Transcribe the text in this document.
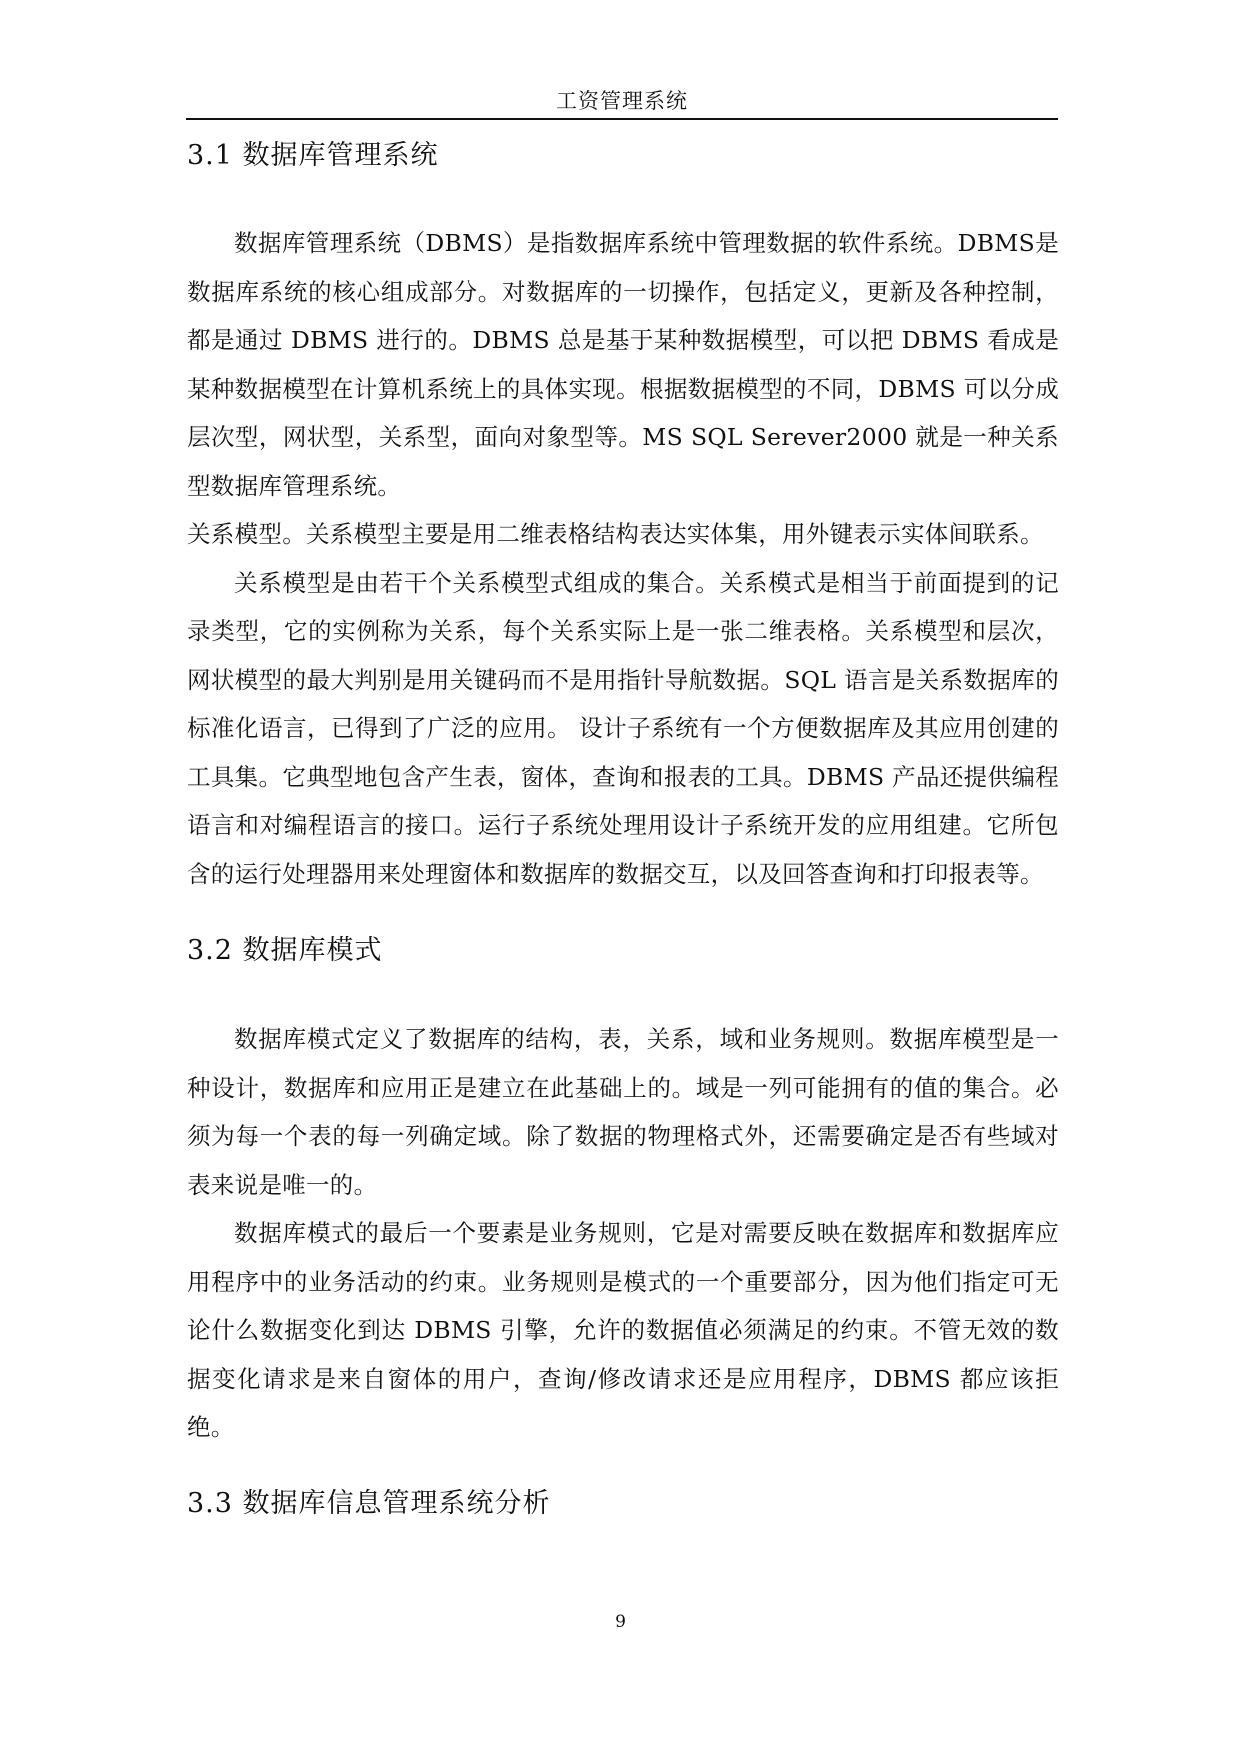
工资管理系统
3.1 数据库管理系统

数据库管理系统（DBMS）是指数据库系统中管理数据的软件系统。DBMS是数据库系统的核心组成部分。对数据库的一切操作，包括定义，更新及各种控制，都是通过 DBMS 进行的。DBMS 总是基于某种数据模型，可以把 DBMS 看成是某种数据模型在计算机系统上的具体实现。根据数据模型的不同，DBMS 可以分成层次型，网状型，关系型，面向对象型等。MS SQL Serever2000 就是一种关系型数据库管理系统。

关系模型。关系模型主要是用二维表格结构表达实体集，用外键表示实体间联系。

关系模型是由若干个关系模型式组成的集合。关系模式是相当于前面提到的记录类型，它的实例称为关系，每个关系实际上是一张二维表格。关系模型和层次，网状模型的最大判别是用关键码而不是用指针导航数据。SQL 语言是关系数据库的标准化语言，已得到了广泛的应用。 设计子系统有一个方便数据库及其应用创建的工具集。它典型地包含产生表，窗体，查询和报表的工具。DBMS 产品还提供编程语言和对编程语言的接口。运行子系统处理用设计子系统开发的应用组建。它所包含的运行处理器用来处理窗体和数据库的数据交互，以及回答查询和打印报表等。

3.2 数据库模式

数据库模式定义了数据库的结构，表，关系，域和业务规则。数据库模型是一种设计，数据库和应用正是建立在此基础上的。域是一列可能拥有的值的集合。必须为每一个表的每一列确定域。除了数据的物理格式外，还需要确定是否有些域对表来说是唯一的。

数据库模式的最后一个要素是业务规则，它是对需要反映在数据库和数据库应用程序中的业务活动的约束。业务规则是模式的一个重要部分，因为他们指定可无论什么数据变化到达 DBMS 引擎，允许的数据值必须满足的约束。不管无效的数据变化请求是来自窗体的用户，查询/修改请求还是应用程序，DBMS 都应该拒绝。

3.3 数据库信息管理系统分析
9
